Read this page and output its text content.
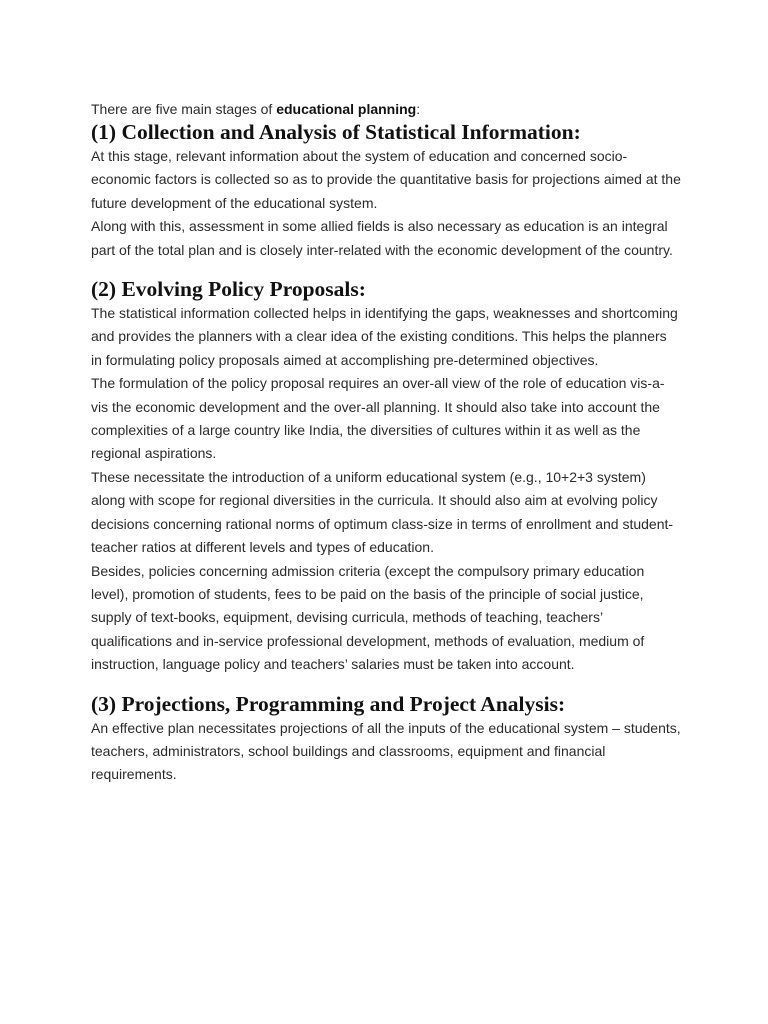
There are five main stages of educational planning:

(1) Collection and Analysis of Statistical Information:

At this stage, relevant information about the system of education and concerned socio-economic factors is collected so as to provide the quantitative basis for projections aimed at the future development of the educational system.

Along with this, assessment in some allied fields is also necessary as education is an integral part of the total plan and is closely inter-related with the economic development of the country.

(2) Evolving Policy Proposals:

The statistical information collected helps in identifying the gaps, weaknesses and shortcoming and provides the planners with a clear idea of the existing conditions. This helps the planners in formulating policy proposals aimed at accomplishing pre-determined objectives.

The formulation of the policy proposal requires an over-all view of the role of education vis-a-vis the economic development and the over-all planning. It should also take into account the complexities of a large country like India, the diversities of cultures within it as well as the regional aspirations.

These necessitate the introduction of a uniform educational system (e.g., 10+2+3 system) along with scope for regional diversities in the curricula. It should also aim at evolving policy decisions concerning rational norms of optimum class-size in terms of enrollment and student-teacher ratios at different levels and types of education.

Besides, policies concerning admission criteria (except the compulsory primary education level), promotion of students, fees to be paid on the basis of the principle of social justice, supply of text-books, equipment, devising curricula, methods of teaching, teachers’ qualifications and in-service professional development, methods of evaluation, medium of instruction, language policy and teachers’ salaries must be taken into account.

(3) Projections, Programming and Project Analysis:

An effective plan necessitates projections of all the inputs of the educational system – students, teachers, administrators, school buildings and classrooms, equipment and financial requirements.
